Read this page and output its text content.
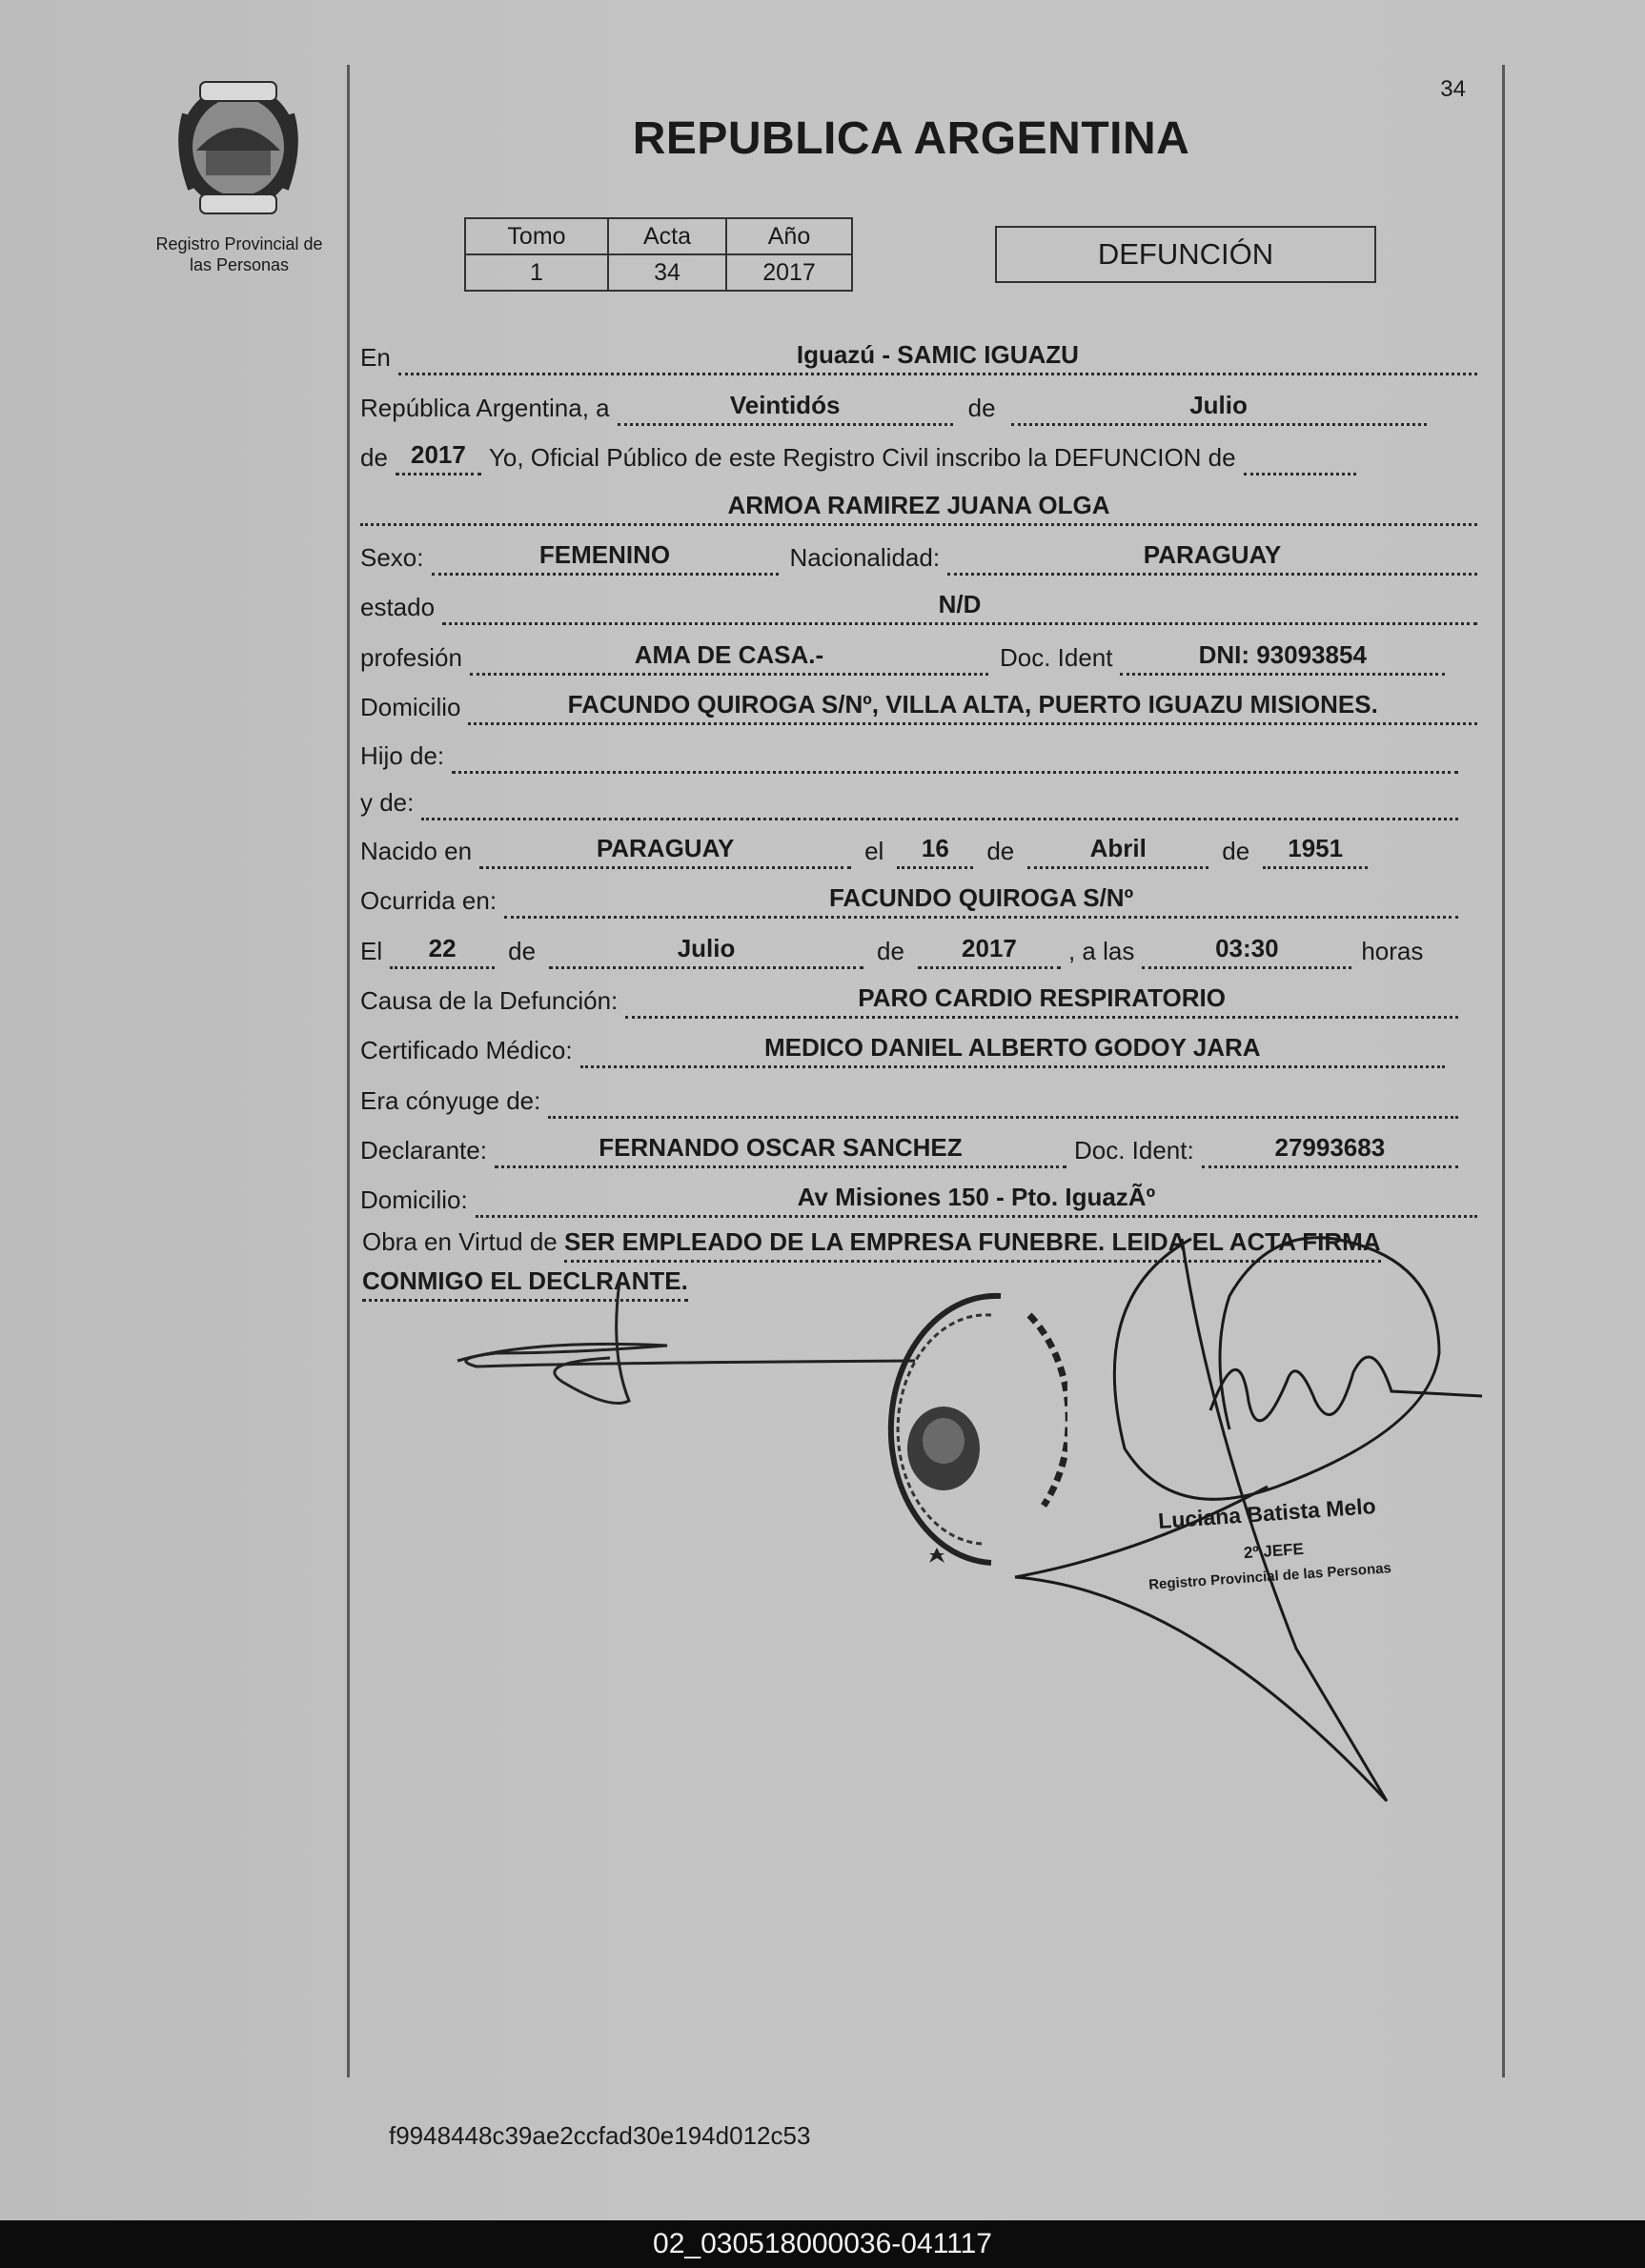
34
Registro Provincial de
las Personas
REPUBLICA ARGENTINA
Tomo	Acta	Año
1	34	2017
DEFUNCIÓN
En	Iguazú - SAMIC IGUAZU
República Argentina, a	Veintidós	de	Julio
de 2017 Yo, Oficial Público de este Registro Civil inscribo la DEFUNCION de
ARMOA RAMIREZ JUANA OLGA
Sexo:	FEMENINO	Nacionalidad:	PARAGUAY
estado	N/D
profesión	AMA DE CASA.-	Doc. Ident	DNI: 93093854
Domicilio	FACUNDO QUIROGA S/Nº, VILLA ALTA, PUERTO IGUAZU MISIONES.
Hijo de:
y de:
Nacido en	PARAGUAY	el	16	de	Abril	de	1951
Ocurrida en:	FACUNDO QUIROGA S/Nº
El	22	de	Julio	de	2017	, a las	03:30	horas
Causa de la Defunción:	PARO CARDIO RESPIRATORIO
Certificado Médico:	MEDICO DANIEL ALBERTO GODOY JARA
Era cónyuge de:
Declarante:	FERNANDO OSCAR SANCHEZ	Doc. Ident:	27993683
Domicilio:	Av Misiones 150 - Pto. IguazÃº
Obra en Virtud de SER EMPLEADO DE LA EMPRESA FUNEBRE. LEIDA EL ACTA FIRMA
CONMIGO EL DECLRANTE.
Luciana Batista Melo
2º JEFE
Registro Provincial de las Personas
f9948448c39ae2ccfad30e194d012c53
02_030518000036-041117
